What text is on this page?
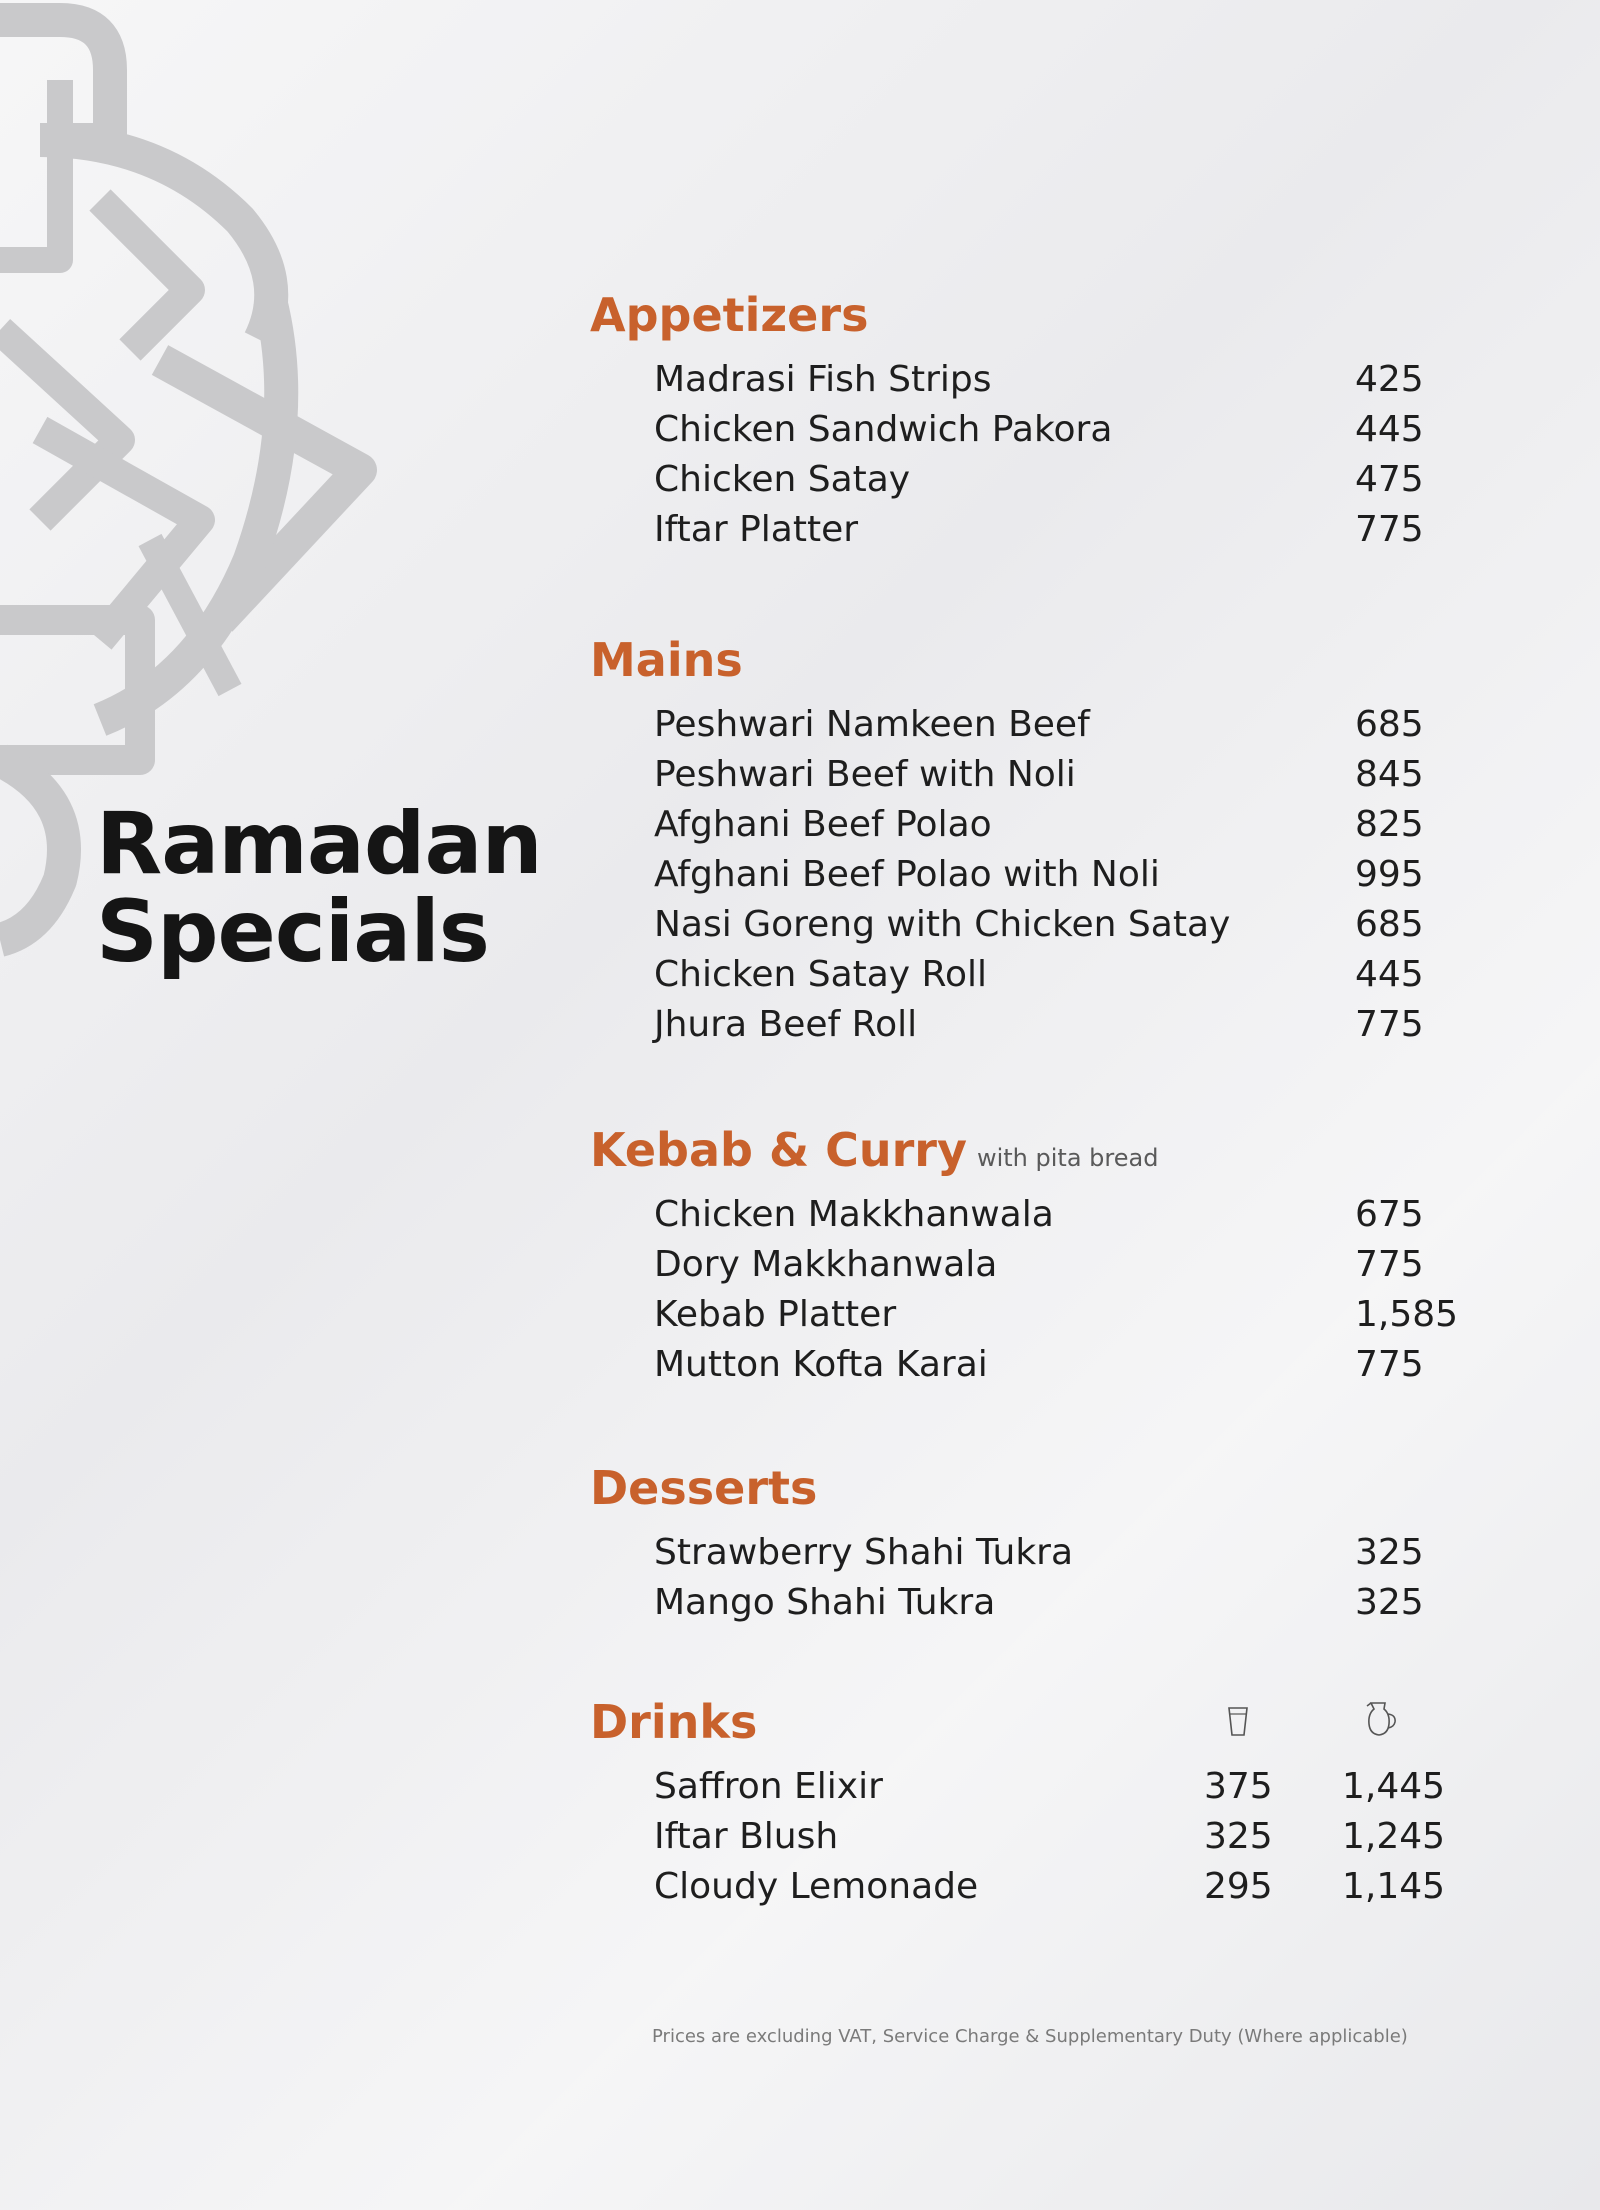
Ramadan
Specials
Appetizers
Madrasi Fish Strips	425
Chicken Sandwich Pakora	445
Chicken Satay	475
Iftar Platter	775
Mains
Peshwari Namkeen Beef	685
Peshwari Beef with Noli	845
Afghani Beef Polao	825
Afghani Beef Polao with Noli	995
Nasi Goreng with Chicken Satay	685
Chicken Satay Roll	445
Jhura Beef Roll	775
Kebab & Curry with pita bread
Chicken Makkhanwala	675
Dory Makkhanwala	775
Kebab Platter	1,585
Mutton Kofta Karai	775
Desserts
Strawberry Shahi Tukra	325
Mango Shahi Tukra	325
Drinks
Saffron Elixir	375 1,445
Iftar Blush	325 1,245
Cloudy Lemonade	295 1,145
Prices are excluding VAT, Service Charge & Supplementary Duty (Where applicable)
